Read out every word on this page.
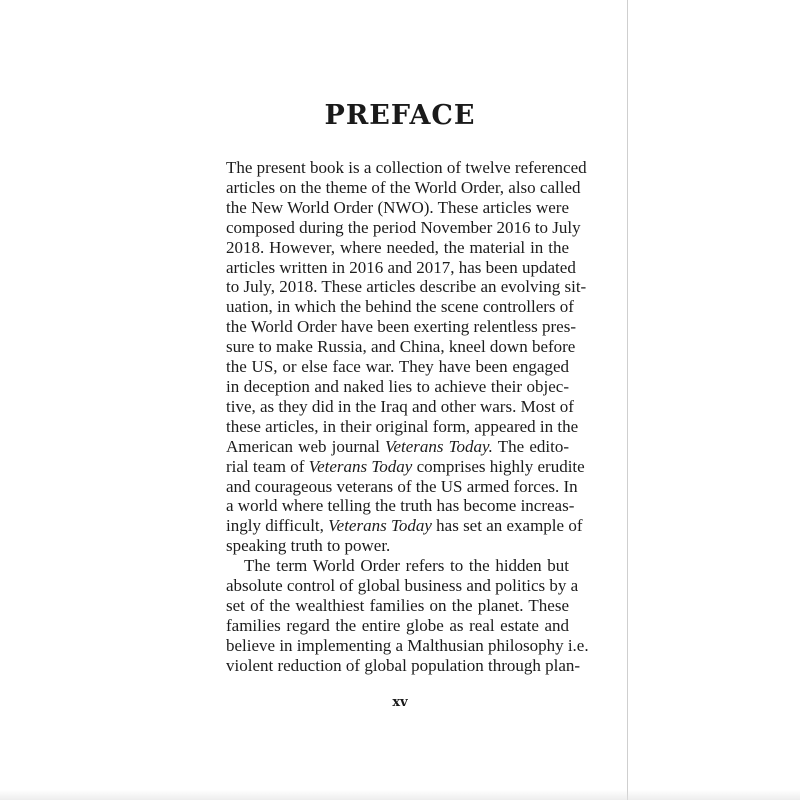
PREFACE
The present book is a collection of twelve referenced
articles on the theme of the World Order, also called
the New World Order (NWO). These articles were
composed during the period November 2016 to July
2018. However, where needed, the material in the
articles written in 2016 and 2017, has been updated
to July, 2018. These articles describe an evolving sit-
uation, in which the behind the scene controllers of
the World Order have been exerting relentless pres-
sure to make Russia, and China, kneel down before
the US, or else face war. They have been engaged
in deception and naked lies to achieve their objec-
tive, as they did in the Iraq and other wars. Most of
these articles, in their original form, appeared in the
American web journal Veterans Today. The edito-
rial team of Veterans Today comprises highly erudite
and courageous veterans of the US armed forces. In
a world where telling the truth has become increas-
ingly difficult, Veterans Today has set an example of
speaking truth to power.
The term World Order refers to the hidden but
absolute control of global business and politics by a
set of the wealthiest families on the planet. These
families regard the entire globe as real estate and
believe in implementing a Malthusian philosophy i.e.
violent reduction of global population through plan-
xv
